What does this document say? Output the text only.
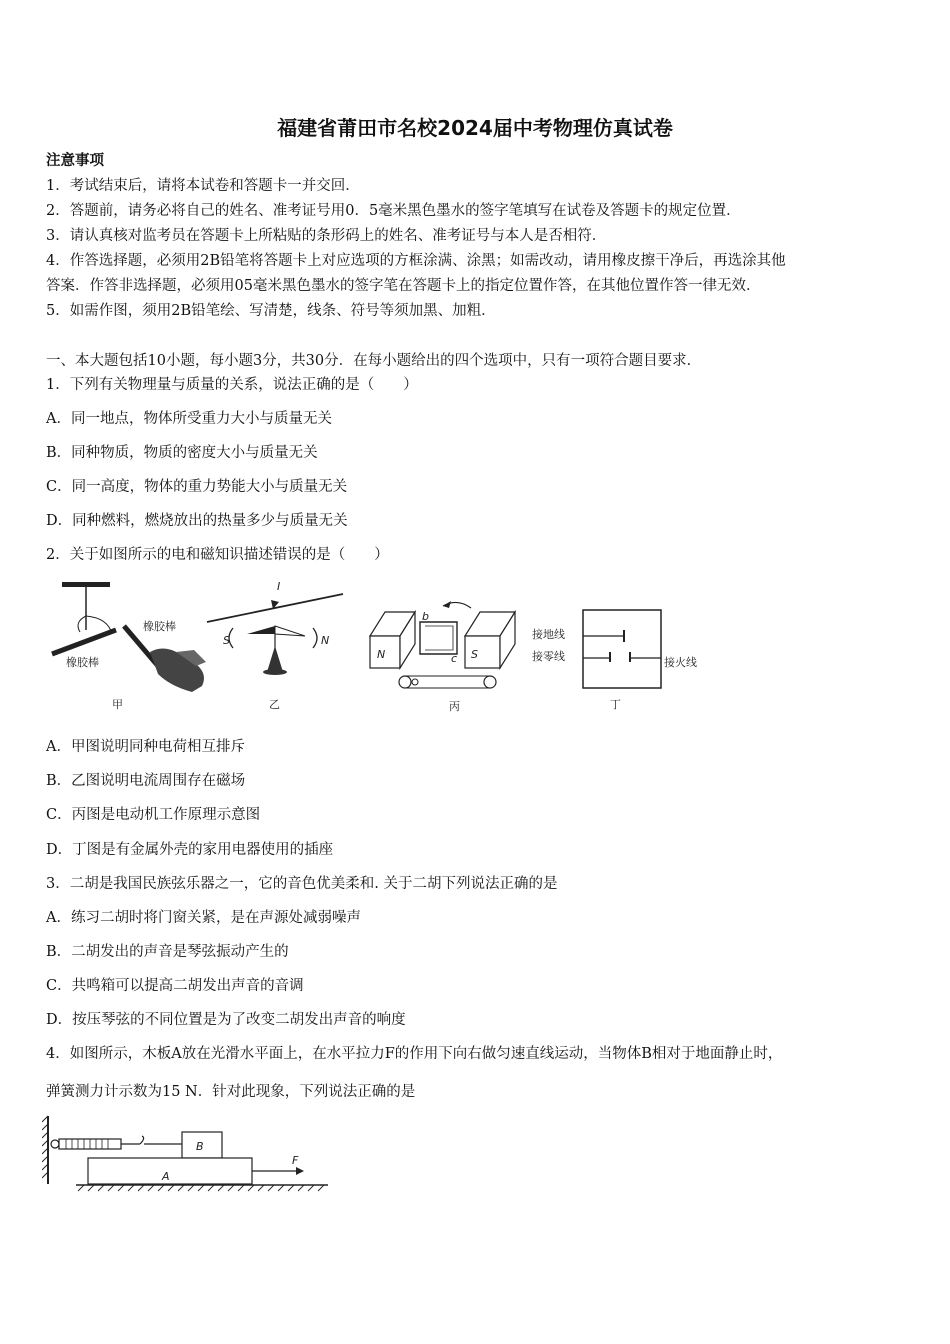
福建省莆田市名校2024届中考物理仿真试卷
注意事项
1．考试结束后，请将本试卷和答题卡一并交回．
2．答题前，请务必将自己的姓名、准考证号用0．5毫米黑色墨水的签字笔填写在试卷及答题卡的规定位置．
3．请认真核对监考员在答题卡上所粘贴的条形码上的姓名、准考证号与本人是否相符．
4．作答选择题，必须用2B铅笔将答题卡上对应选项的方框涂满、涂黑；如需改动，请用橡皮擦干净后，再选涂其他
答案．作答非选择题，必须用05毫米黑色墨水的签字笔在答题卡上的指定位置作答，在其他位置作答一律无效．
5．如需作图，须用2B铅笔绘、写清楚，线条、符号等须加黑、加粗．
一、本大题包括10小题，每小题3分，共30分．在每小题给出的四个选项中，只有一项符合题目要求．
1．下列有关物理量与质量的关系，说法正确的是（　　）
A．同一地点，物体所受重力大小与质量无关
B．同种物质，物质的密度大小与质量无关
C．同一高度，物体的重力势能大小与质量无关
D．同种燃料，燃烧放出的热量多少与质量无关
2．关于如图所示的电和磁知识描述错误的是（　　）
橡胶棒
橡胶棒
甲
I
S	N
乙
N	S
b
c
丙
接地线
接零线	接火线
丁
A．甲图说明同种电荷相互排斥
B．乙图说明电流周围存在磁场
C．丙图是电动机工作原理示意图
D．丁图是有金属外壳的家用电器使用的插座
3．二胡是我国民族弦乐器之一，它的音色优美柔和. 关于二胡下列说法正确的是
A．练习二胡时将门窗关紧，是在声源处减弱噪声
B．二胡发出的声音是琴弦振动产生的
C．共鸣箱可以提高二胡发出声音的音调
D．按压琴弦的不同位置是为了改变二胡发出声音的响度
4．如图所示，木板A放在光滑水平面上，在水平拉力F的作用下向右做匀速直线运动，当物体B相对于地面静止时，
弹簧测力计示数为15 N．针对此现象，下列说法正确的是
B
A
F
